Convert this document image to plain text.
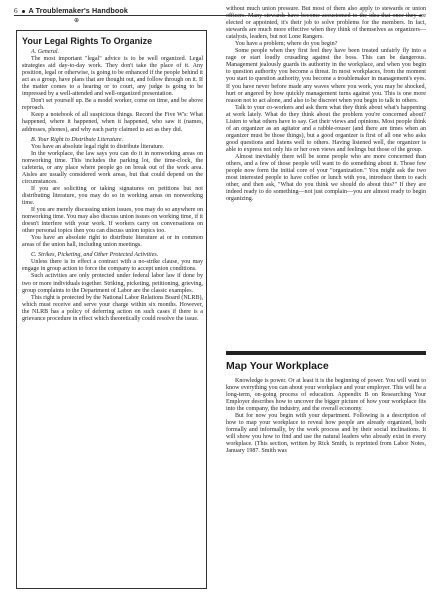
6 A Troublemaker's Handbook
⊕
Your Legal Rights To Organize

A. General.

The most important "legal" advice is to be well organized. Legal strategies aid day-to-day work. They don't take the place of it. Any position, legal or otherwise, is going to be enhanced if the people behind it act as a group, have plans that are thought out, and follow through on it. If the matter comes to a hearing or to court, any judge is going to be impressed by a well-attended and well-organized presentation.

Don't set yourself up. Be a model worker, come on time, and be above reproach.

Keep a notebook of all suspicious things. Record the Five W's: What happened, where it happened, when it happened, who saw it (names, addresses, phones), and why each party claimed to act as they did.

B. Your Right to Distribute Literature.

You have an absolute legal right to distribute literature.

In the workplace, the law says you can do it in nonworking areas on nonworking time. This includes the parking lot, the time-clock, the cafeteria, or any place where people go on break out of the work area. Aisles are usually considered work areas, but that could depend on the circumstances.

If you are soliciting or taking signatures on petitions but not distributing literature, you may do so in working areas on nonworking time.

If you are merely discussing union issues, you may do so anywhere on nonworking time. You may also discuss union issues on working time, if it doesn't interfere with your work. If workers carry on conversations on other personal topics then you can discuss union topics too.

You have an absolute right to distribute literature at or in common areas of the union hall, including union meetings.

C. Strikes, Picketing, and Other Protected Activities.

Unless there is in effect a contract with a no-strike clause, you may engage in group action to force the company to accept union conditions.

Such activities are only protected under federal labor law if done by two or more individuals together. Striking, picketing, petitioning, grieving, group complaints to the Department of Labor are the classic examples.

This right is protected by the National Labor Relations Board (NLRB), which must receive and serve your charge within six months. However, the NLRB has a policy of deferring action on such cases if there is a grievance procedure in effect which theoretically could resolve the issue.

without much union pressure. But most of them also apply to stewards or union officers. Many stewards have become accustomed to the idea that once they are elected or appointed, it's their job to solve problems for the members. In fact, stewards are much more effective when they think of themselves as organizers—catalysts, leaders, but not Lone Rangers.

You have a problem; where do you begin?

Some people when they first feel they have been treated unfairly fly into a rage or start loudly crusading against the boss. This can be dangerous. Management jealously guards its authority in the workplace, and when you begin to question authority you become a threat. In most workplaces, from the moment you start to question authority, you become a troublemaker in management's eyes. If you have never before made any waves where you work, you may be shocked, hurt or angered by how quickly management turns against you. This is one more reason not to act alone, and also to be discreet when you begin to talk to others.

Talk to your co-workers and ask them what they think about what's happening at work lately. What do they think about the problem you're concerned about? Listen to what others have to say. Get their views and opinions. Most people think of an organizer as an agitator and a rabble-rouser (and there are times when an organizer must be those things), but a good organizer is first of all one who asks good questions and listens well to others. Having listened well, the organizer is able to express not only his or her own views and feelings but those of the group.

Almost inevitably there will be some people who are more concerned than others, and a few of those people will want to do something about it. Those few people now form the initial core of your "organization." You might ask the two most interested people to have coffee or lunch with you, introduce them to each other, and then ask, "What do you think we should do about this?" If they are indeed ready to do something—not just complain—you are almost ready to begin organizing.

Map Your Workplace

Knowledge is power. Or at least it is the beginning of power. You will want to know everything you can about your workplace and your employer. This will be a long-term, on-going process of education. Appendix B on Researching Your Employer describes how to uncover the bigger picture of how your workplace fits into the company, the industry, and the overall economy.

But for now you begin with your department. Following is a description of how to map your workplace to reveal how people are already organized, both formally and informally, by the work process and by their social inclinations. It will show you how to find and use the natural leaders who already exist in every workplace. (This section, written by Rick Smith, is reprinted from Labor Notes, January 1987. Smith was
